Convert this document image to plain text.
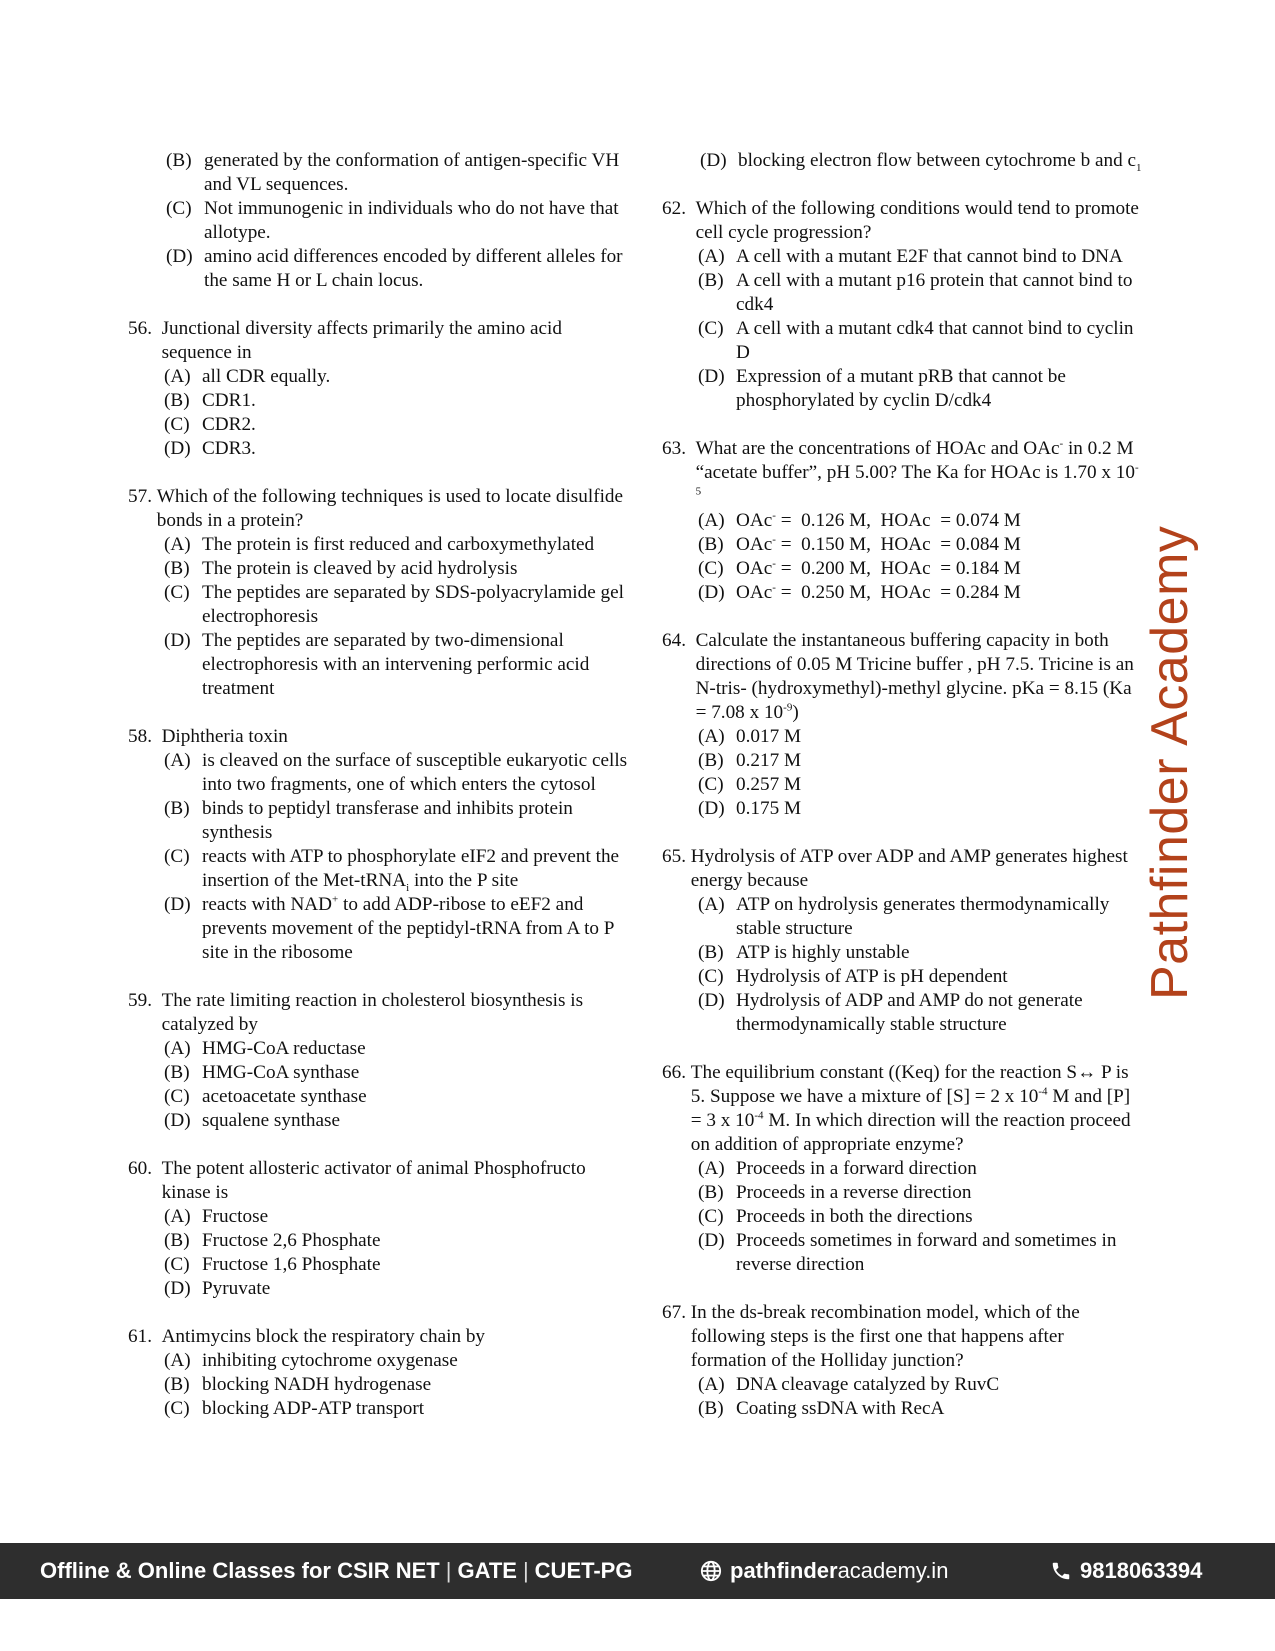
Pathfinder Academy
(B) generated by the conformation of antigen-specific VH and VL sequences.
(C) Not immunogenic in individuals who do not have that allotype.
(D) amino acid differences encoded by different alleles for the same H or L chain locus.
56. Junctional diversity affects primarily the amino acid sequence in
(A) all CDR equally.
(B) CDR1.
(C) CDR2.
(D) CDR3.
57. Which of the following techniques is used to locate disulfide bonds in a protein?
(A) The protein is first reduced and carboxymethylated
(B) The protein is cleaved by acid hydrolysis
(C) The peptides are separated by SDS-polyacrylamide gel electrophoresis
(D) The peptides are separated by two-dimensional electrophoresis with an intervening performic acid treatment
58. Diphtheria toxin
(A) is cleaved on the surface of susceptible eukaryotic cells into two fragments, one of which enters the cytosol
(B) binds to peptidyl transferase and inhibits protein synthesis
(C) reacts with ATP to phosphorylate eIF2 and prevent the insertion of the Met-tRNA$_i$ into the P site
(D) reacts with NAD+ to add ADP-ribose to eEF2 and prevents movement of the peptidyl-tRNA from A to P site in the ribosome
59. The rate limiting reaction in cholesterol biosynthesis is catalyzed by
(A) HMG-CoA reductase
(B) HMG-CoA synthase
(C) acetoacetate synthase
(D) squalene synthase
60. The potent allosteric activator of animal Phosphofructo kinase is
(A) Fructose
(B) Fructose 2,6 Phosphate
(C) Fructose 1,6 Phosphate
(D) Pyruvate
61. Antimycins block the respiratory chain by
(A) inhibiting cytochrome oxygenase
(B) blocking NADH hydrogenase
(C) blocking ADP-ATP transport
(D) blocking electron flow between cytochrome b and $c_1$
62. Which of the following conditions would tend to promote cell cycle progression?
(A) A cell with a mutant E2F that cannot bind to DNA
(B) A cell with a mutant p16 protein that cannot bind to cdk4
(C) A cell with a mutant cdk4 that cannot bind to cyclin D
(D) Expression of a mutant pRB that cannot be phosphorylated by cyclin D/cdk4
63. What are the concentrations of HOAc and OAc- in 0.2 M “acetate buffer”, pH 5.00? The Ka for HOAc is 1.70 x $10^{-5}$
(A) OAc- =  0.126 M,  HOAc  = 0.074 M
(B) OAc- =  0.150 M,  HOAc  = 0.084 M
(C) OAc- =  0.200 M,  HOAc  = 0.184 M
(D) OAc- =  0.250 M,  HOAc  = 0.284 M
64. Calculate the instantaneous buffering capacity in both directions of 0.05 M Tricine buffer , pH 7.5. Tricine is an N-tris- (hydroxymethyl)-methyl glycine. pKa = 8.15 (Ka = 7.08 x $10^{-9}$)
(A) 0.017 M
(B) 0.217 M
(C) 0.257 M
(D) 0.175 M
65. Hydrolysis of ATP over ADP and AMP generates highest energy because
(A) ATP on hydrolysis generates thermodynamically stable structure
(B) ATP is highly unstable
(C) Hydrolysis of ATP is pH dependent
(D) Hydrolysis of ADP and AMP do not generate thermodynamically stable structure
66. The equilibrium constant ((Keq) for the reaction S↔ P is 5. Suppose we have a mixture of [S] = 2 x $10^{-4}$ M and [P] = 3 x $10^{-4}$ M. In which direction will the reaction proceed on addition of appropriate enzyme?
(A) Proceeds in a forward direction
(B) Proceeds in a reverse direction
(C) Proceeds in both the directions
(D) Proceeds sometimes in forward and sometimes in reverse direction
67. In the ds-break recombination model, which of the following steps is the first one that happens after formation of the Holliday junction?
(A) DNA cleavage catalyzed by RuvC
(B) Coating ssDNA with RecA
Offline & Online Classes for CSIR NET | GATE | CUET-PG	pathfinderacademy.in	9818063394
